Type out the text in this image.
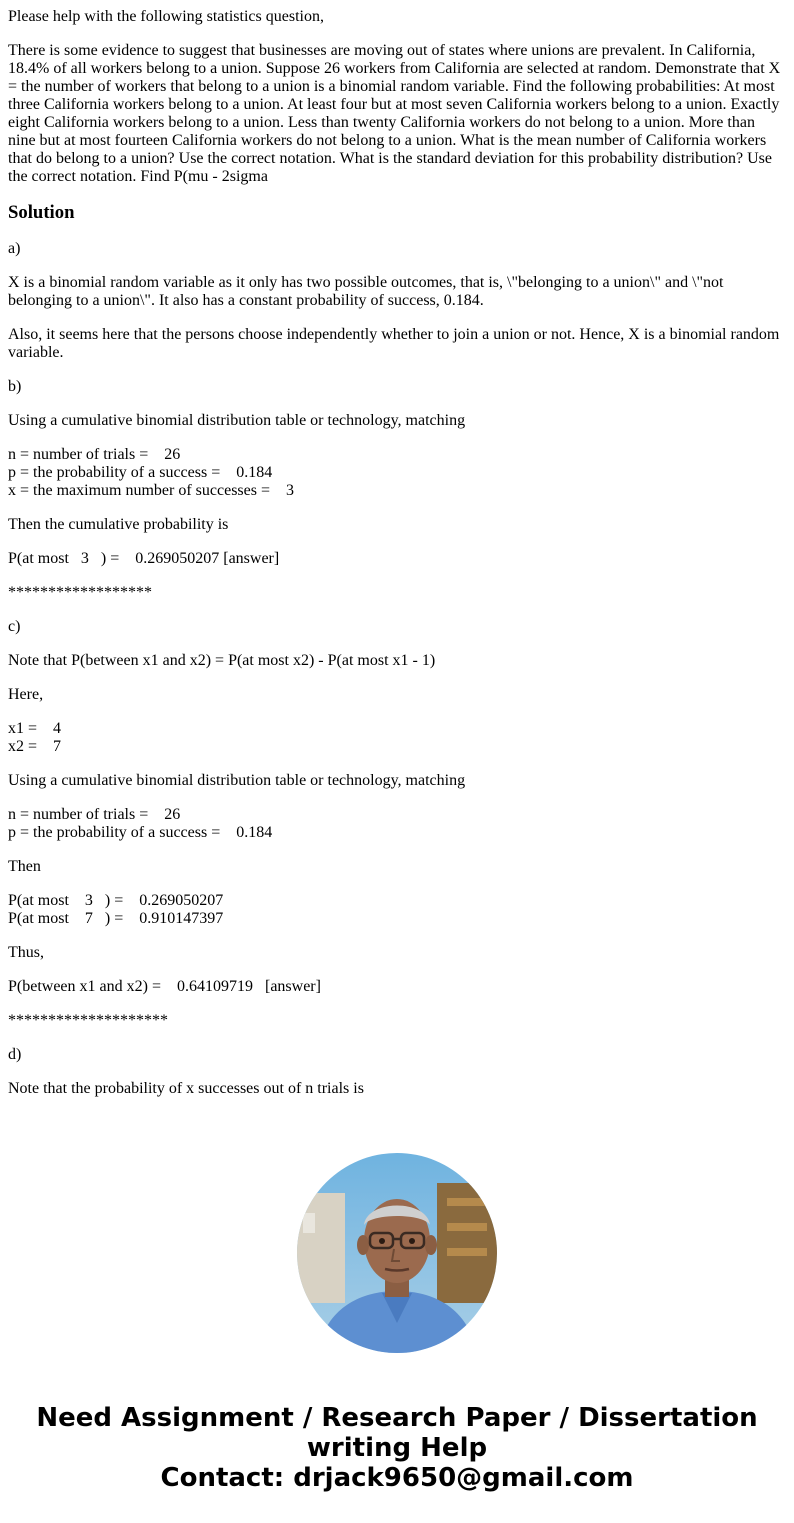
Please help with the following statistics question,

There is some evidence to suggest that businesses are moving out of states where unions are prevalent. In California, 18.4% of all workers belong to a union. Suppose 26 workers from California are selected at random. Demonstrate that X = the number of workers that belong to a union is a binomial random variable. Find the following probabilities: At most three California workers belong to a union. At least four but at most seven California workers belong to a union. Exactly eight California workers belong to a union. Less than twenty California workers do not belong to a union. More than nine but at most fourteen California workers do not belong to a union. What is the mean number of California workers that do belong to a union? Use the correct notation. What is the standard deviation for this probability distribution? Use the correct notation. Find P(mu - 2sigma

Solution

a)

X is a binomial random variable as it only has two possible outcomes, that is, \"belonging to a union\" and \"not belonging to a union\". It also has a constant probability of success, 0.184.

Also, it seems here that the persons choose independently whether to join a union or not. Hence, X is a binomial random variable.

b)

Using a cumulative binomial distribution table or technology, matching

n = number of trials =    26
p = the probability of a success =    0.184
x = the maximum number of successes =    3

Then the cumulative probability is

P(at most   3   ) =    0.269050207 [answer]

******************

c)

Note that P(between x1 and x2) = P(at most x2) - P(at most x1 - 1)

Here,

x1 =    4
x2 =    7

Using a cumulative binomial distribution table or technology, matching

n = number of trials =    26
p = the probability of a success =    0.184

Then

P(at most    3   ) =    0.269050207
P(at most    7   ) =    0.910147397

Thus,

P(between x1 and x2) =    0.64109719   [answer]

********************

d)

Note that the probability of x successes out of n trials is

Need Assignment / Research Paper / Dissertation
writing Help
Contact: drjack9650@gmail.com
